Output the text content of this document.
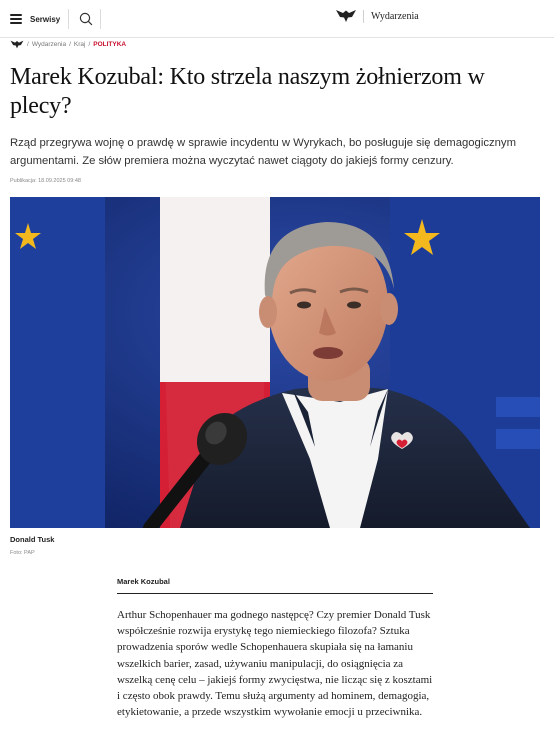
Serwisy	Wydarzenia
/ Wydarzenia / Kraj / POLITYKA
Marek Kozubal: Kto strzela naszym żołnierzom w plecy?

Rząd przegrywa wojnę o prawdę w sprawie incydentu w Wyrykach, bo posługuje się demagogicznym argumentami. Ze słów premiera można wyczytać nawet ciągoty do jakiejś formy cenzury.

Publikacja: 18.09.2025 09:48
Donald Tusk
Foto: PAP
Marek Kozubal

Arthur Schopenhauer ma godnego następcę? Czy premier Donald Tusk współcześnie rozwija erystykę tego niemieckiego filozofa? Sztuka prowadzenia sporów wedle Schopenhauera skupiała się na łamaniu wszelkich barier, zasad, używaniu manipulacji, do osiągnięcia za wszelką cenę celu – jakiejś formy zwycięstwa, nie licząc się z kosztami i często obok prawdy. Temu służą argumenty ad hominem, demagogia, etykietowanie, a przede wszystkim wywołanie emocji u przeciwnika.
